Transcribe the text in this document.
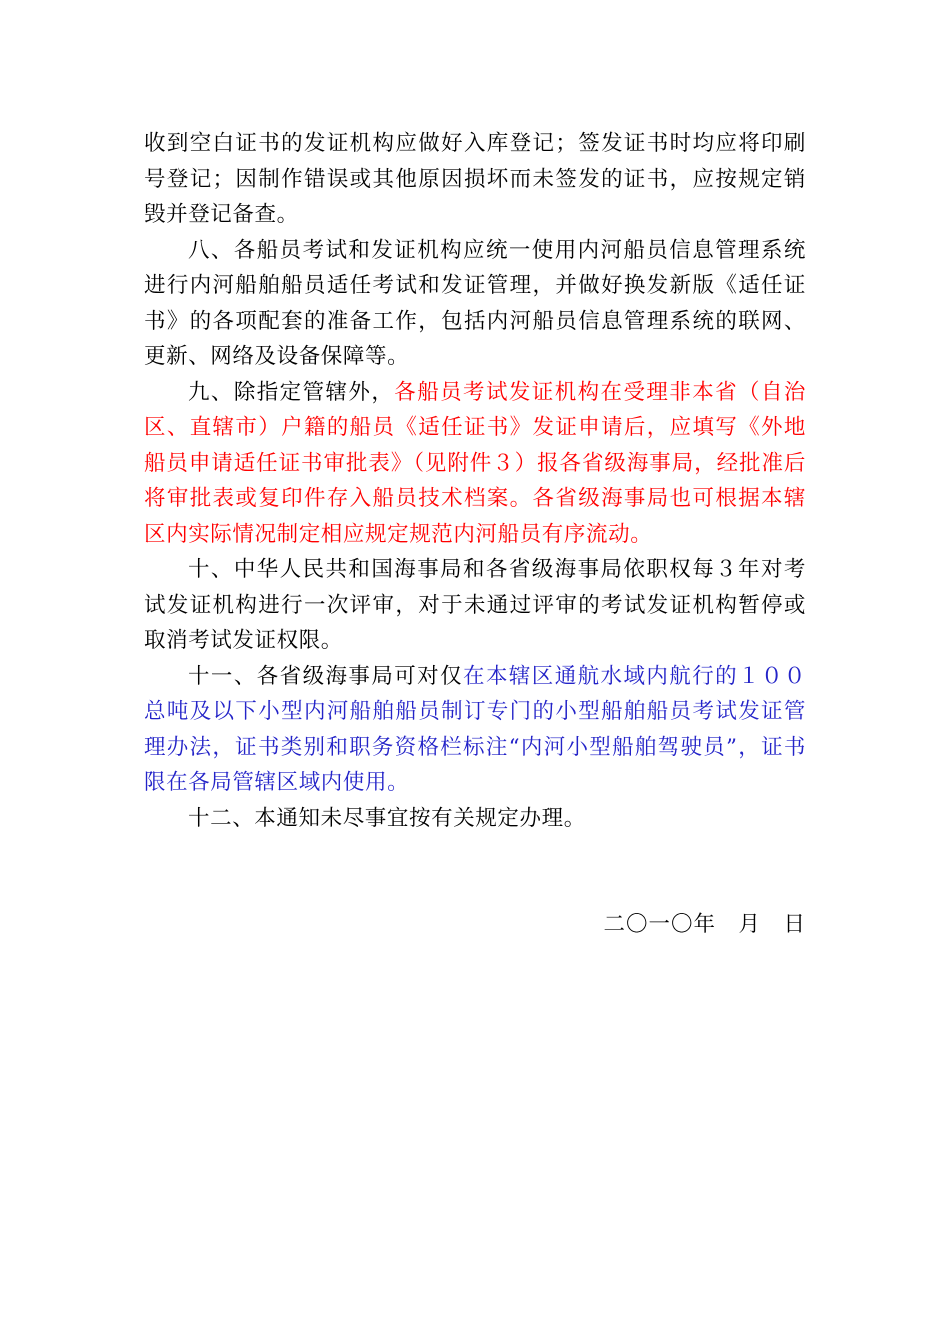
收到空白证书的发证机构应做好入库登记；签发证书时均应将印刷号登记；因制作错误或其他原因损坏而未签发的证书，应按规定销毁并登记备查。

八、各船员考试和发证机构应统一使用内河船员信息管理系统进行内河船舶船员适任考试和发证管理，并做好换发新版《适任证书》的各项配套的准备工作，包括内河船员信息管理系统的联网、更新、网络及设备保障等。

九、除指定管辖外，各船员考试发证机构在受理非本省（自治区、直辖市）户籍的船员《适任证书》发证申请后，应填写《外地船员申请适任证书审批表》（见附件３）报各省级海事局，经批准后将审批表或复印件存入船员技术档案。各省级海事局也可根据本辖区内实际情况制定相应规定规范内河船员有序流动。

十、中华人民共和国海事局和各省级海事局依职权每３年对考试发证机构进行一次评审，对于未通过评审的考试发证机构暂停或取消考试发证权限。

十一、各省级海事局可对仅在本辖区通航水域内航行的１００总吨及以下小型内河船舶船员制订专门的小型船舶船员考试发证管理办法，证书类别和职务资格栏标注“内河小型船舶驾驶员”，证书限在各局管辖区域内使用。

十二、本通知未尽事宜按有关规定办理。

二〇一〇年　月　日
